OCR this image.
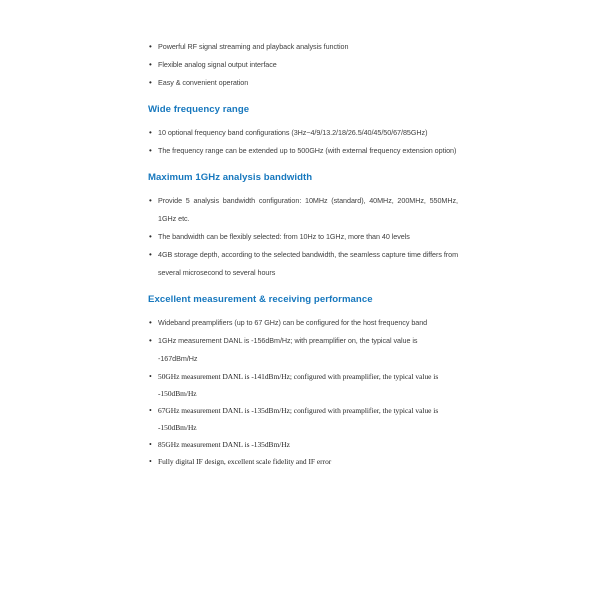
• Powerful RF signal streaming and playback analysis function
• Flexible analog signal output interface
• Easy & convenient operation
Wide frequency range
• 10 optional frequency band configurations (3Hz~4/9/13.2/18/26.5/40/45/50/67/85GHz)
• The frequency range can be extended up to 500GHz (with external frequency extension option)
Maximum 1GHz analysis bandwidth
• Provide 5 analysis bandwidth configuration: 10MHz (standard), 40MHz, 200MHz, 550MHz, 1GHz etc.
• The bandwidth can be flexibly selected: from 10Hz to 1GHz, more than 40 levels
• 4GB storage depth, according to the selected bandwidth, the seamless capture time differs from several microsecond to several hours
Excellent measurement & receiving performance
• Wideband preamplifiers (up to 67 GHz) can be configured for the host frequency band
• 1GHz measurement DANL is -156dBm/Hz; with preamplifier on, the typical value is -167dBm/Hz
• 50GHz measurement DANL is -141dBm/Hz; configured with preamplifier, the typical value is -150dBm/Hz
• 67GHz measurement DANL is -135dBm/Hz; configured with preamplifier, the typical value is -150dBm/Hz
• 85GHz measurement DANL is -135dBm/Hz
• Fully digital IF design, excellent scale fidelity and IF error
